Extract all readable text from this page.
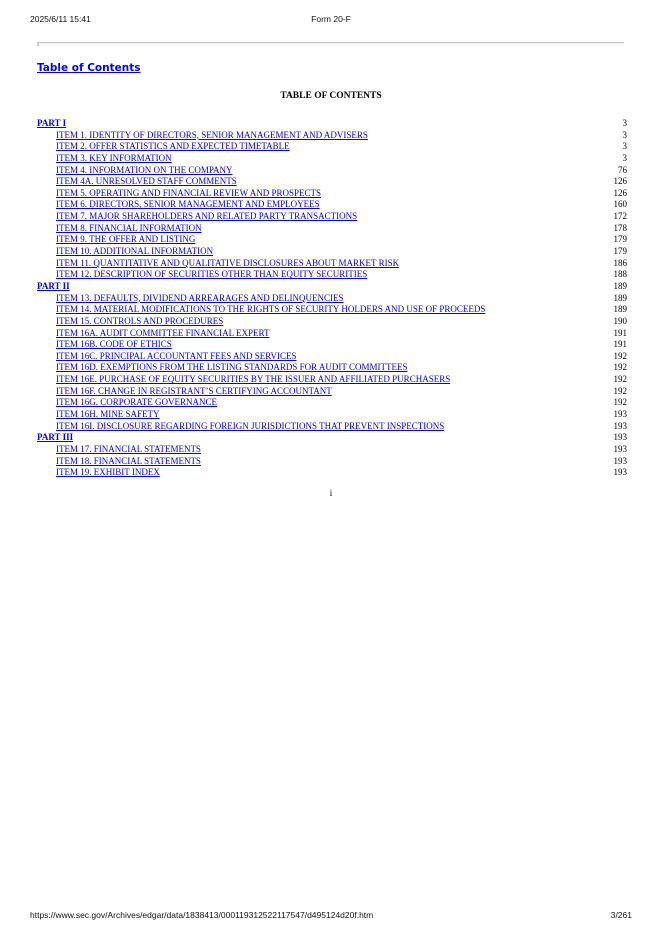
2025/6/11 15:41	Form 20-F
Table of Contents
TABLE OF CONTENTS
PART I	3
ITEM 1. IDENTITY OF DIRECTORS, SENIOR MANAGEMENT AND ADVISERS	3
ITEM 2. OFFER STATISTICS AND EXPECTED TIMETABLE	3
ITEM 3. KEY INFORMATION	3
ITEM 4. INFORMATION ON THE COMPANY	76
ITEM 4A. UNRESOLVED STAFF COMMENTS	126
ITEM 5. OPERATING AND FINANCIAL REVIEW AND PROSPECTS	126
ITEM 6. DIRECTORS, SENIOR MANAGEMENT AND EMPLOYEES	160
ITEM 7. MAJOR SHAREHOLDERS AND RELATED PARTY TRANSACTIONS	172
ITEM 8. FINANCIAL INFORMATION	178
ITEM 9. THE OFFER AND LISTING	179
ITEM 10. ADDITIONAL INFORMATION	179
ITEM 11. QUANTITATIVE AND QUALITATIVE DISCLOSURES ABOUT MARKET RISK	186
ITEM 12. DESCRIPTION OF SECURITIES OTHER THAN EQUITY SECURITIES	188
PART II	189
ITEM 13. DEFAULTS, DIVIDEND ARREARAGES AND DELINQUENCIES	189
ITEM 14. MATERIAL MODIFICATIONS TO THE RIGHTS OF SECURITY HOLDERS AND USE OF PROCEEDS	189
ITEM 15. CONTROLS AND PROCEDURES	190
ITEM 16A. AUDIT COMMITTEE FINANCIAL EXPERT	191
ITEM 16B. CODE OF ETHICS	191
ITEM 16C. PRINCIPAL ACCOUNTANT FEES AND SERVICES	192
ITEM 16D. EXEMPTIONS FROM THE LISTING STANDARDS FOR AUDIT COMMITTEES	192
ITEM 16E. PURCHASE OF EQUITY SECURITIES BY THE ISSUER AND AFFILIATED PURCHASERS	192
ITEM 16F. CHANGE IN REGISTRANT’S CERTIFYING ACCOUNTANT	192
ITEM 16G. CORPORATE GOVERNANCE	192
ITEM 16H. MINE SAFETY	193
ITEM 16I. DISCLOSURE REGARDING FOREIGN JURISDICTIONS THAT PREVENT INSPECTIONS	193
PART III	193
ITEM 17. FINANCIAL STATEMENTS	193
ITEM 18. FINANCIAL STATEMENTS	193
ITEM 19. EXHIBIT INDEX	193
i
https://www.sec.gov/Archives/edgar/data/1838413/000119312522117547/d495124d20f.htm	3/261
